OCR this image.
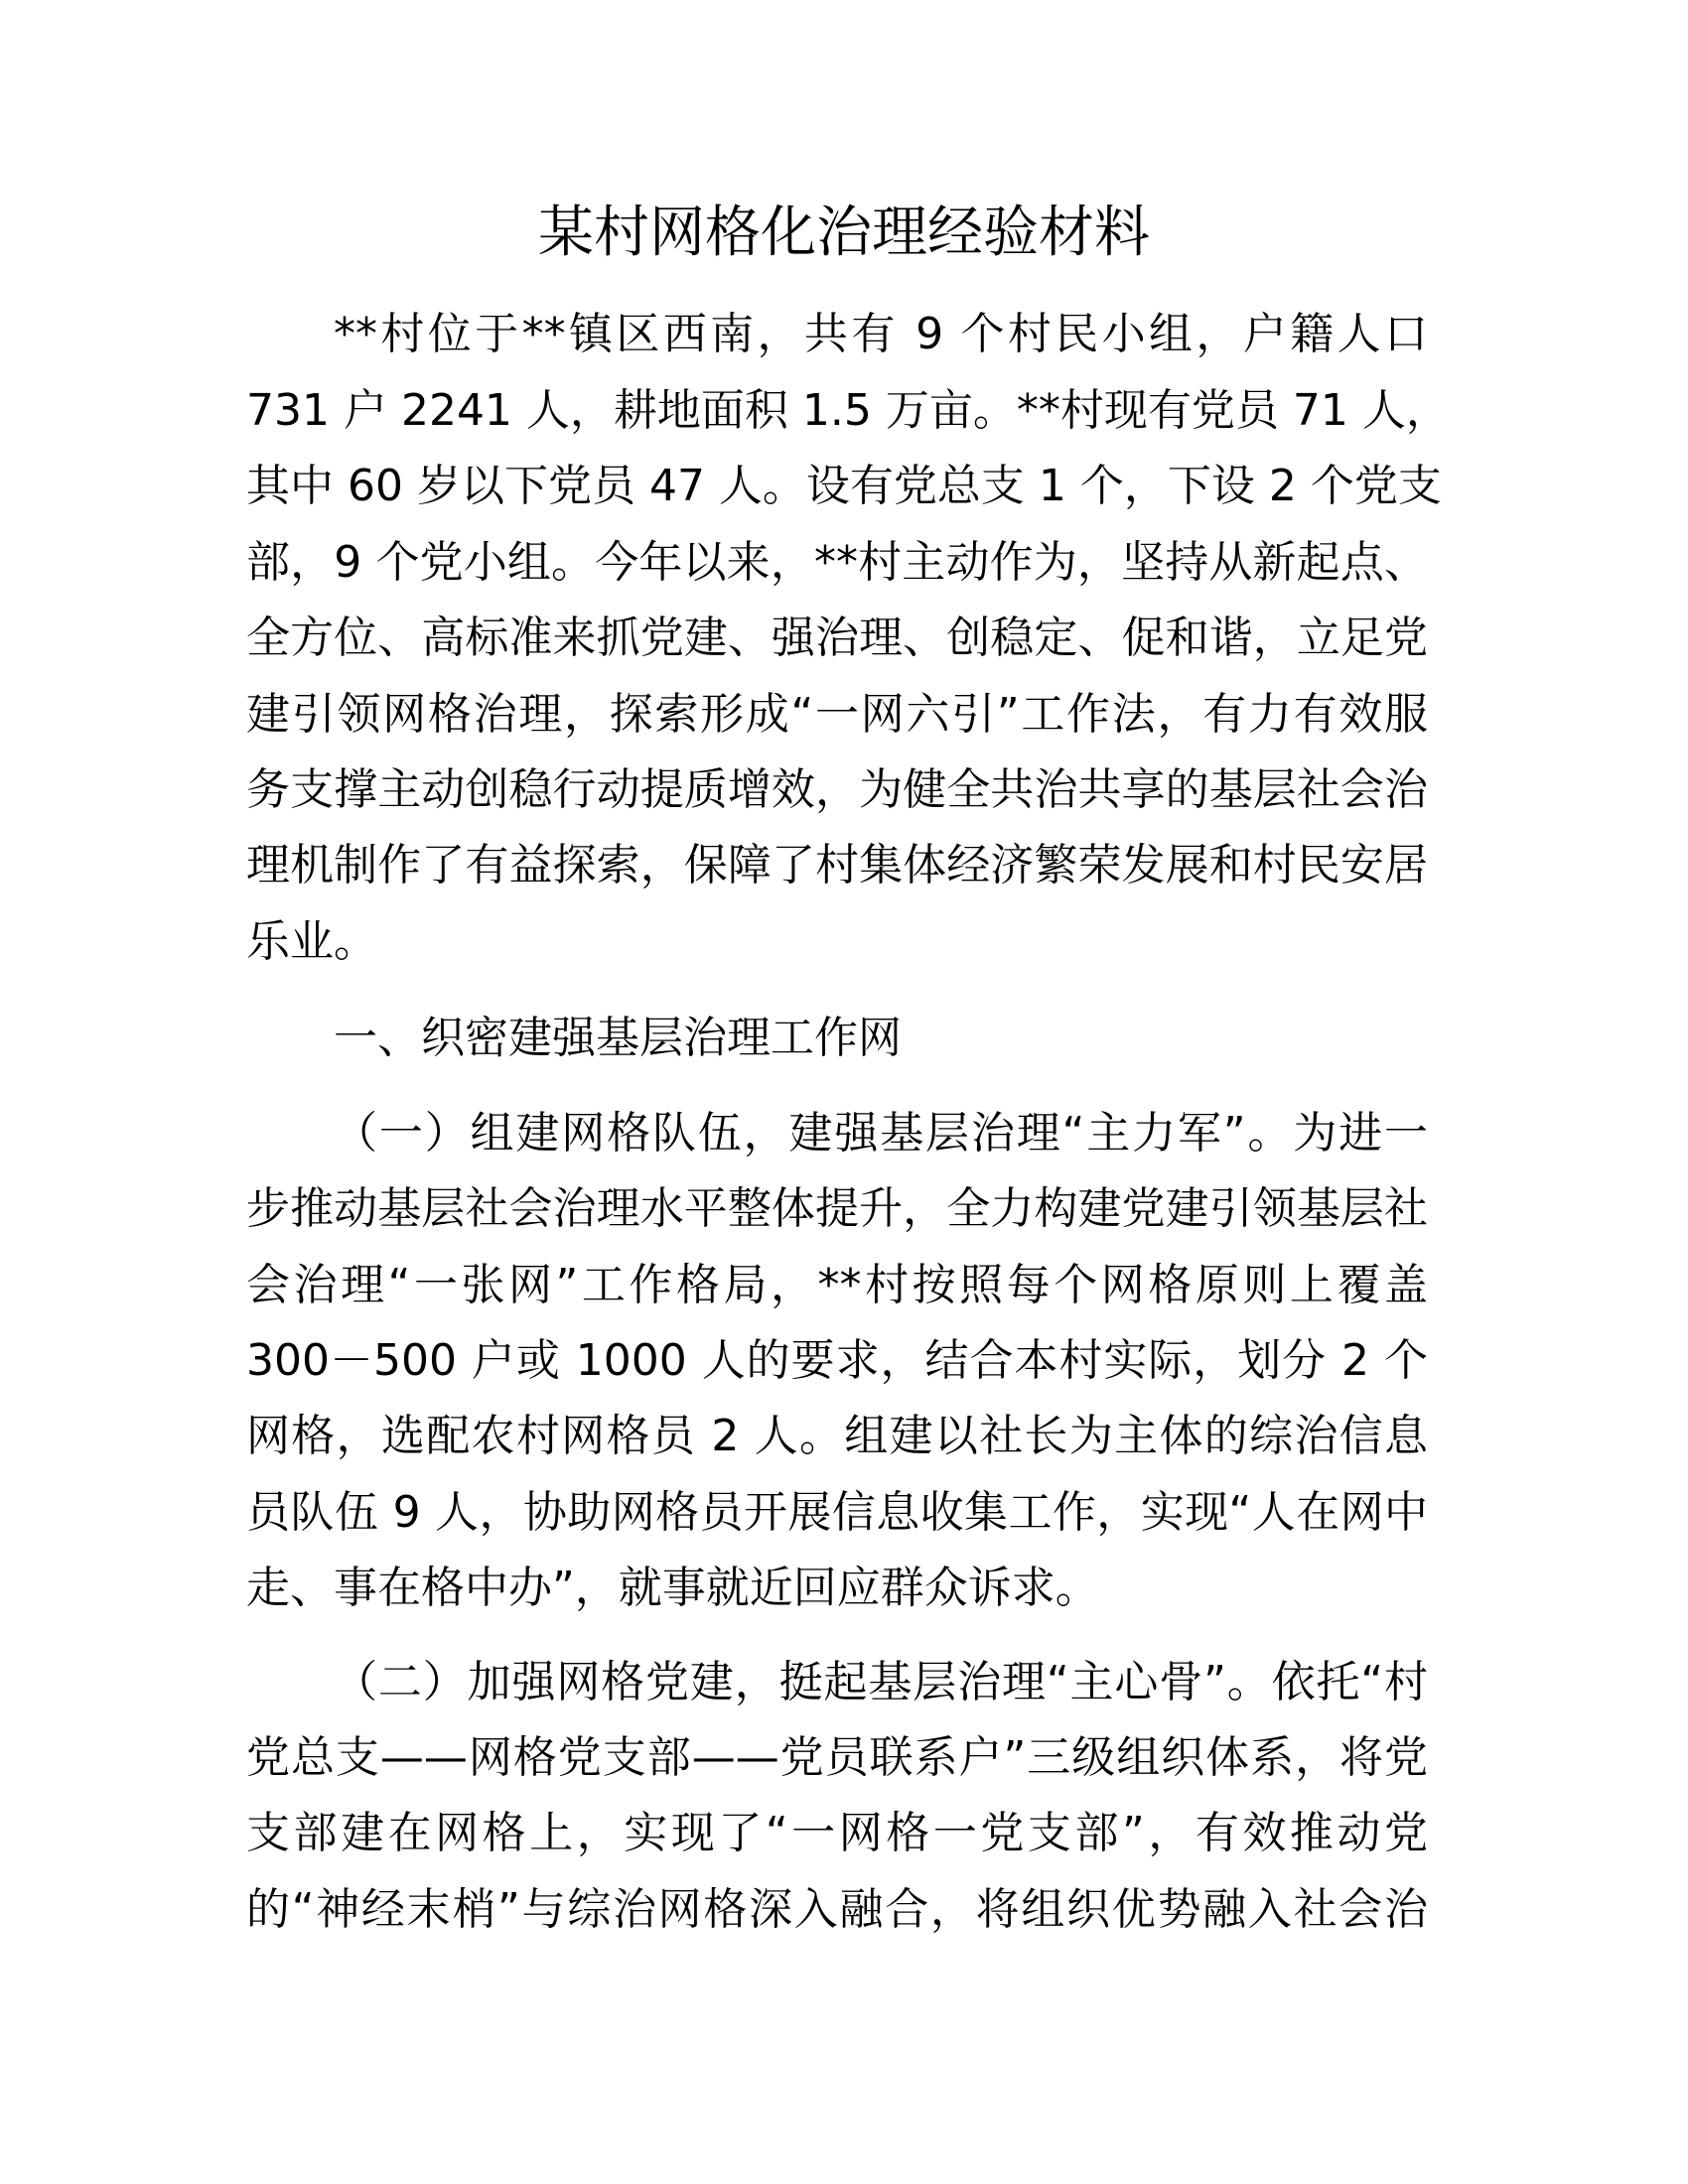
某村网格化治理经验材料
**村位于**镇区西南，共有 9 个村民小组，户籍人口
731 户 2241 人，耕地面积 1.5 万亩。**村现有党员 71 人，
其中 60 岁以下党员 47 人。设有党总支 1 个，下设 2 个党支
部，9 个党小组。今年以来，**村主动作为，坚持从新起点、
全方位、高标准来抓党建、强治理、创稳定、促和谐，立足党
建引领网格治理，探索形成“一网六引”工作法，有力有效服
务支撑主动创稳行动提质增效，为健全共治共享的基层社会治
理机制作了有益探索，保障了村集体经济繁荣发展和村民安居
乐业。
一、织密建强基层治理工作网
（一）组建网格队伍，建强基层治理“主力军”。为进一
步推动基层社会治理水平整体提升，全力构建党建引领基层社
会治理“一张网”工作格局，**村按照每个网格原则上覆盖
300－500 户或 1000 人的要求，结合本村实际，划分 2 个
网格，选配农村网格员 2 人。组建以社长为主体的综治信息
员队伍 9 人，协助网格员开展信息收集工作，实现“人在网中
走、事在格中办”，就事就近回应群众诉求。
（二）加强网格党建，挺起基层治理“主心骨”。依托“村
党总支——网格党支部——党员联系户”三级组织体系，将党
支部建在网格上，实现了“一网格一党支部”，有效推动党
的“神经末梢”与综治网格深入融合，将组织优势融入社会治
